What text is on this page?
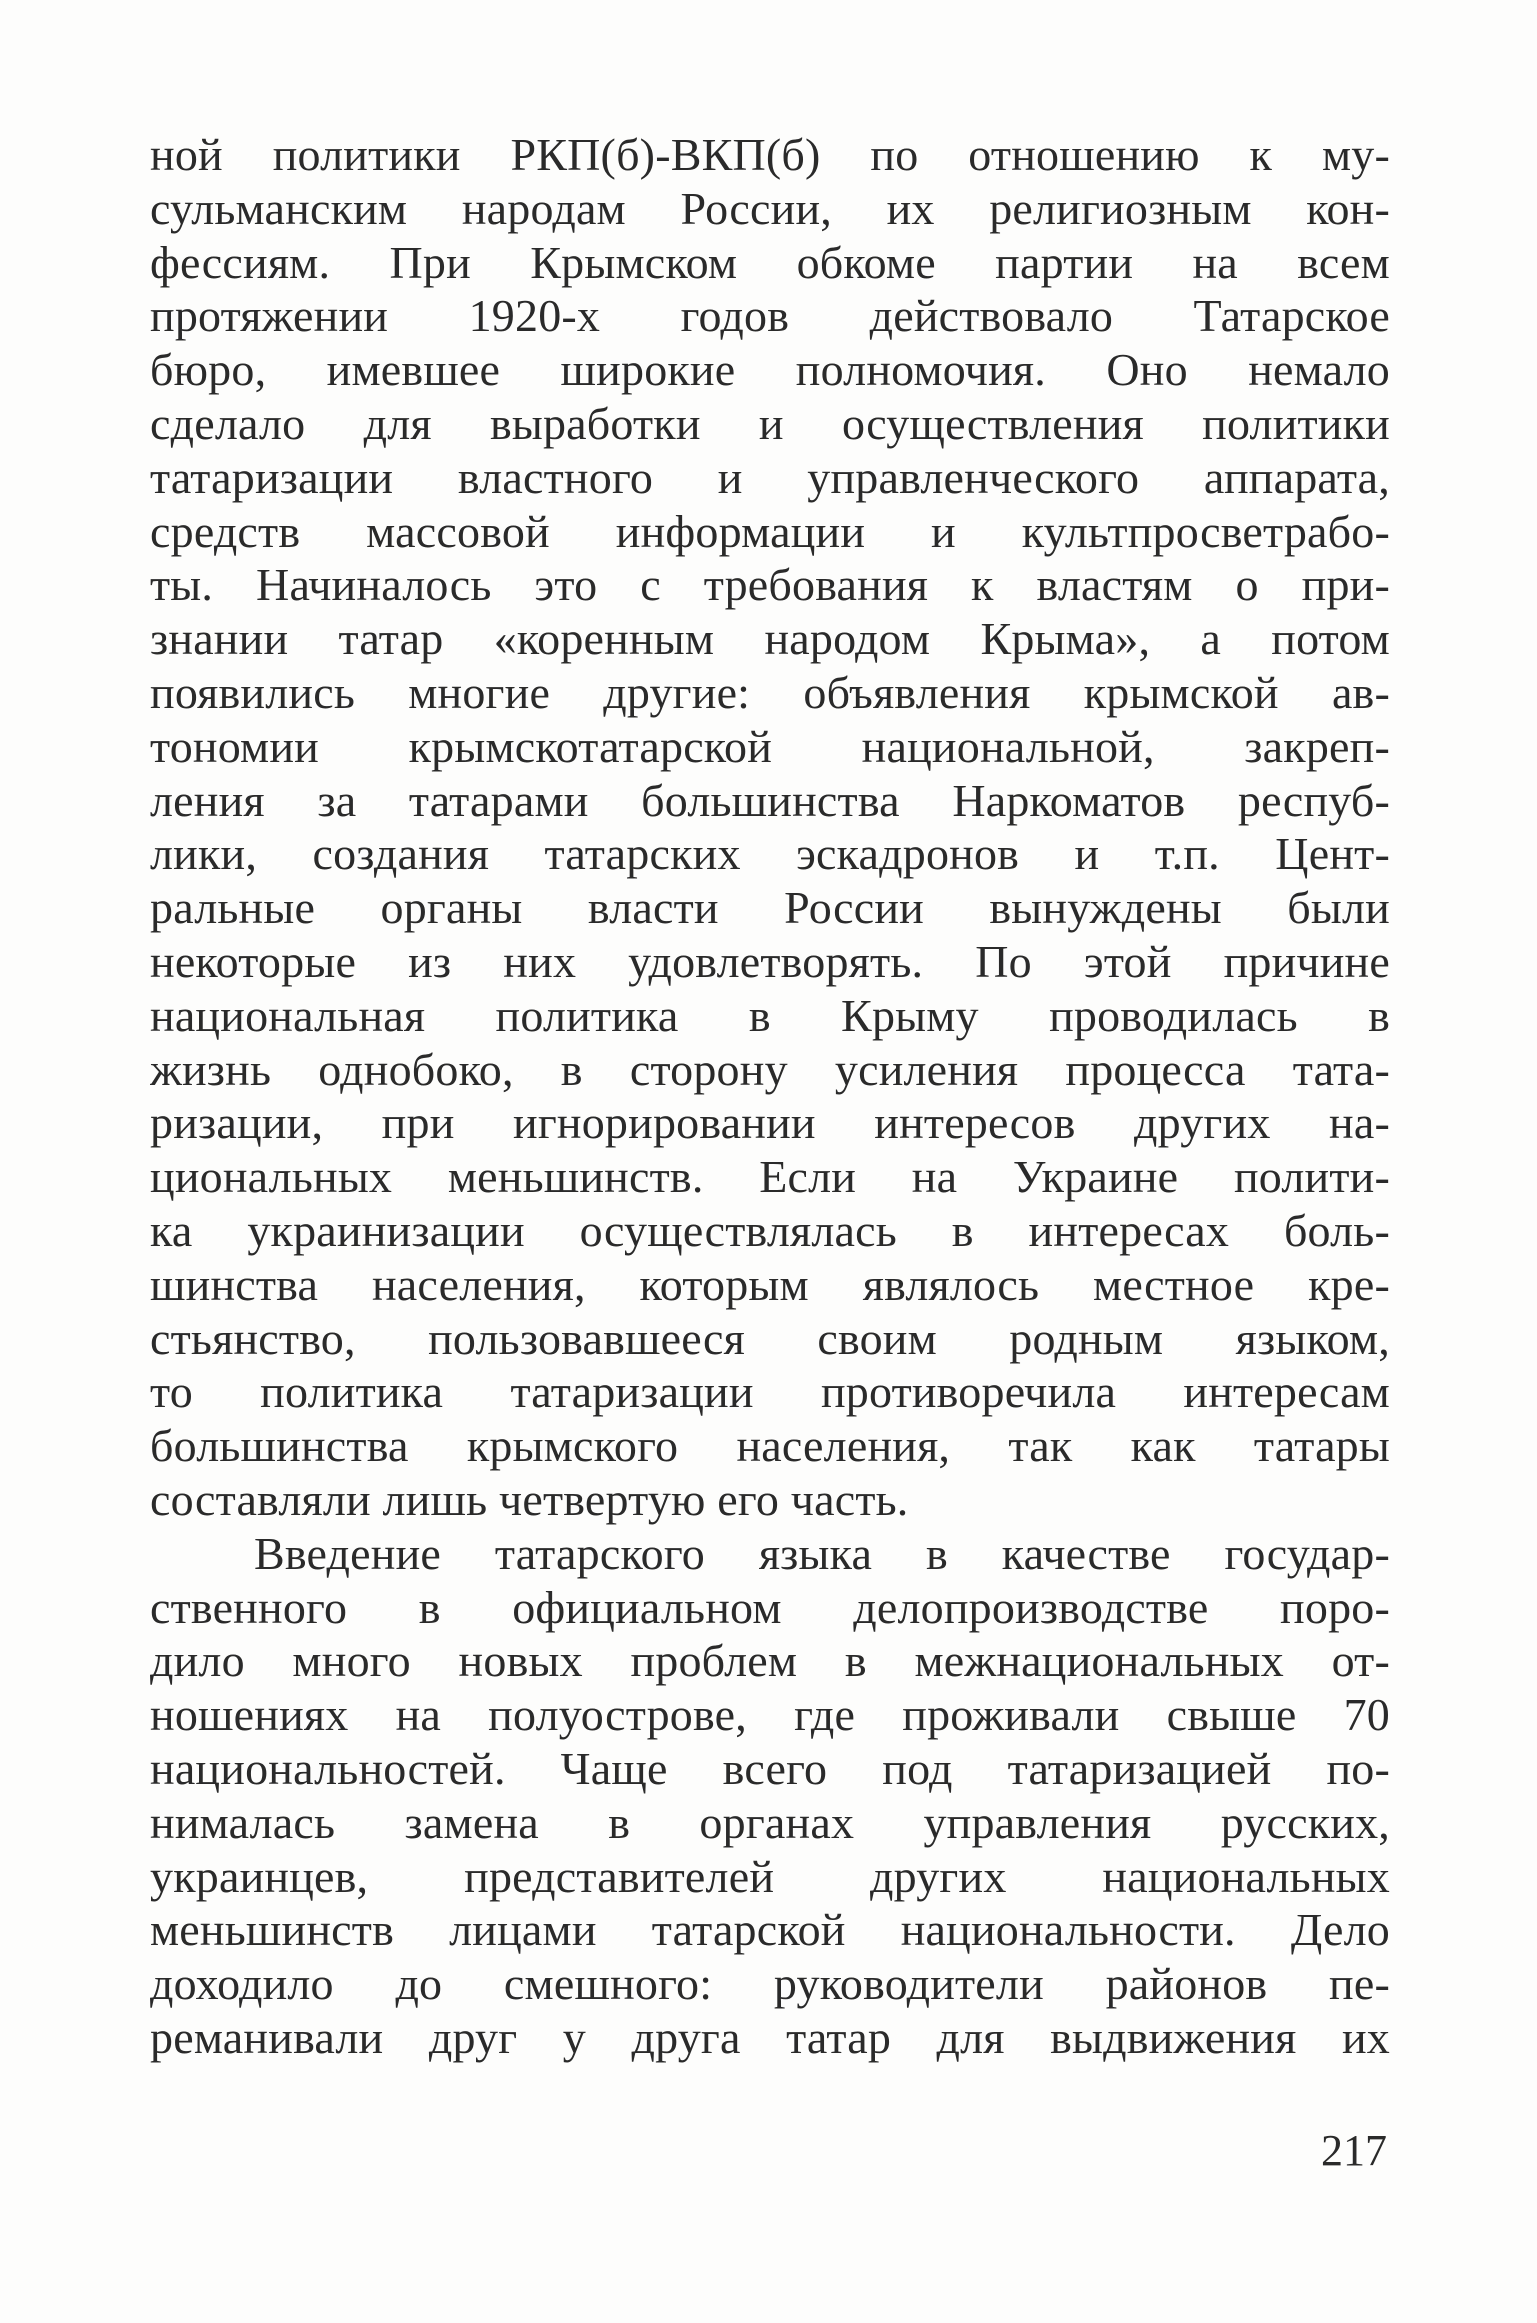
ной политики РКП(б)-ВКП(б) по отношению к му-
сульманским народам России, их религиозным кон-
фессиям. При Крымском обкоме партии на всем
протяжении 1920-х годов действовало Татарское
бюро, имевшее широкие полномочия. Оно немало
сделало для выработки и осуществления политики
татаризации властного и управленческого аппарата,
средств массовой информации и культпросветрабо-
ты. Начиналось это с требования к властям о при-
знании татар «коренным народом Крыма», а потом
появились многие другие: объявления крымской ав-
тономии крымскотатарской национальной, закреп-
ления за татарами большинства Наркоматов респуб-
лики, создания татарских эскадронов и т.п. Цент-
ральные органы власти России вынуждены были
некоторые из них удовлетворять. По этой причине
национальная политика в Крыму проводилась в
жизнь однобоко, в сторону усиления процесса тата-
ризации, при игнорировании интересов других на-
циональных меньшинств. Если на Украине полити-
ка украинизации осуществлялась в интересах боль-
шинства населения, которым являлось местное кре-
стьянство, пользовавшееся своим родным языком,
то политика татаризации противоречила интересам
большинства крымского населения, так как татары
составляли лишь четвертую его часть.
Введение татарского языка в качестве государ-
ственного в официальном делопроизводстве поро-
дило много новых проблем в межнациональных от-
ношениях на полуострове, где проживали свыше 70
национальностей. Чаще всего под татаризацией по-
нималась замена в органах управления русских,
украинцев, представителей других национальных
меньшинств лицами татарской национальности. Дело
доходило до смешного: руководители районов пе-
реманивали друг у друга татар для выдвижения их
217
